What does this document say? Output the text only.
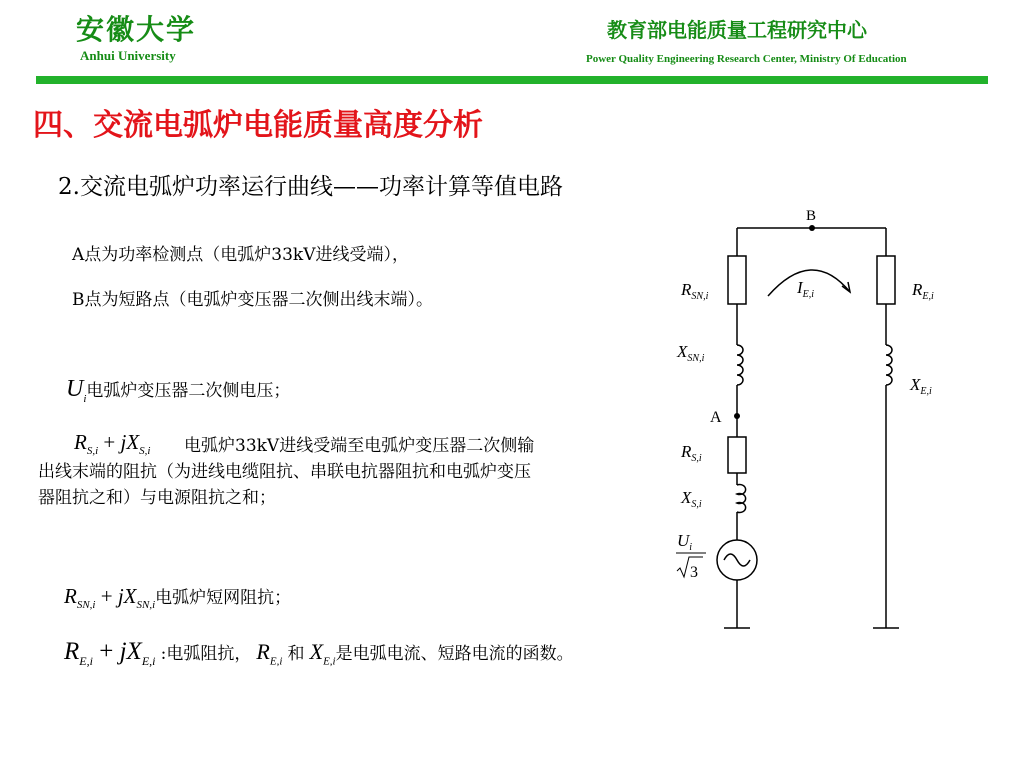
安徽大学
Anhui University
教育部电能质量工程研究中心
Power Quality Engineering Research Center, Ministry Of Education
四、交流电弧炉电能质量高度分析
2.交流电弧炉功率运行曲线——功率计算等值电路
A点为功率检测点（电弧炉33kV进线受端），
B点为短路点（电弧炉变压器二次侧出线末端）。
$U_i$电弧炉变压器二次侧电压；
$R_{S,i} + jX_{S,i}$	电弧炉33kV进线受端至电弧炉变压器二次侧输出线末端的阻抗（为进线电缆阻抗、串联电抗器阻抗和电弧炉变压器阻抗之和）与电源阻抗之和；
$R_{SN,i} + jX_{SN,i}$电弧炉短网阻抗；
$R_{E,i} + jX_{E,i}$ :电弧阻抗， $R_{E,i}$ 和 $X_{E,i}$是电弧电流、短路电流的函数。
B
A
$R_{SN},i$
$X_{SN},i$
$R_S,i$
$X_S,i$
$I_E,i$	$R_E,i$
$X_E,i$
$U_i$
3
